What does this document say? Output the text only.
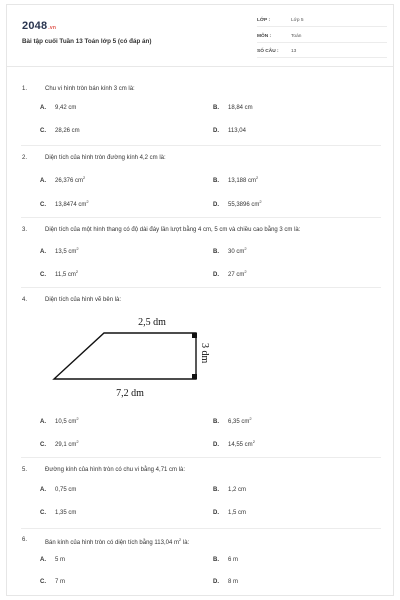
2048.vn
Bài tập cuối Tuần 13 Toán lớp 5 (có đáp án)
LỚP :	Lớp 5
MÔN :	Toán
SỐ CÂU :	13
1.	Chu vi hình tròn bán kính 3 cm là:
A. 9,42 cm	B. 18,84 cm
C. 28,26 cm	D. 113,04
2.	Diện tích của hình tròn đường kính 4,2 cm là:
A. 26,376 $cm^2$
B. 13,188 $cm^2$
C. 13,8474 $cm^2$
D. 55,3896 $cm^2$
3.	Diện tích của một hình thang có độ dài đáy lần lượt bằng 4 cm, 5 cm và chiều cao bằng 3 cm là:
A. 13,5 $cm^2$
B. 30 $cm^2$
C. 11,5 $cm^2$
D. 27 $cm^2$
4.	Diện tích của hình vẽ bên là:
2,5 dm
7,2 dm
3 dm
A. 10,5 $cm^2$
B. 6,35 $cm^2$
C. 29,1 $cm^2$
D. 14,55 $cm^2$
5.	Đường kính của hình tròn có chu vi bằng 4,71 cm là:
A. 0,75 cm	B. 1,2 cm
C. 1,35 cm	D. 1,5 cm
6.	Bán kính của hình tròn có diện tích bằng 113,04 $m^2$ là:
A. 5 m	B. 6 m
C. 7 m	D. 8 m
